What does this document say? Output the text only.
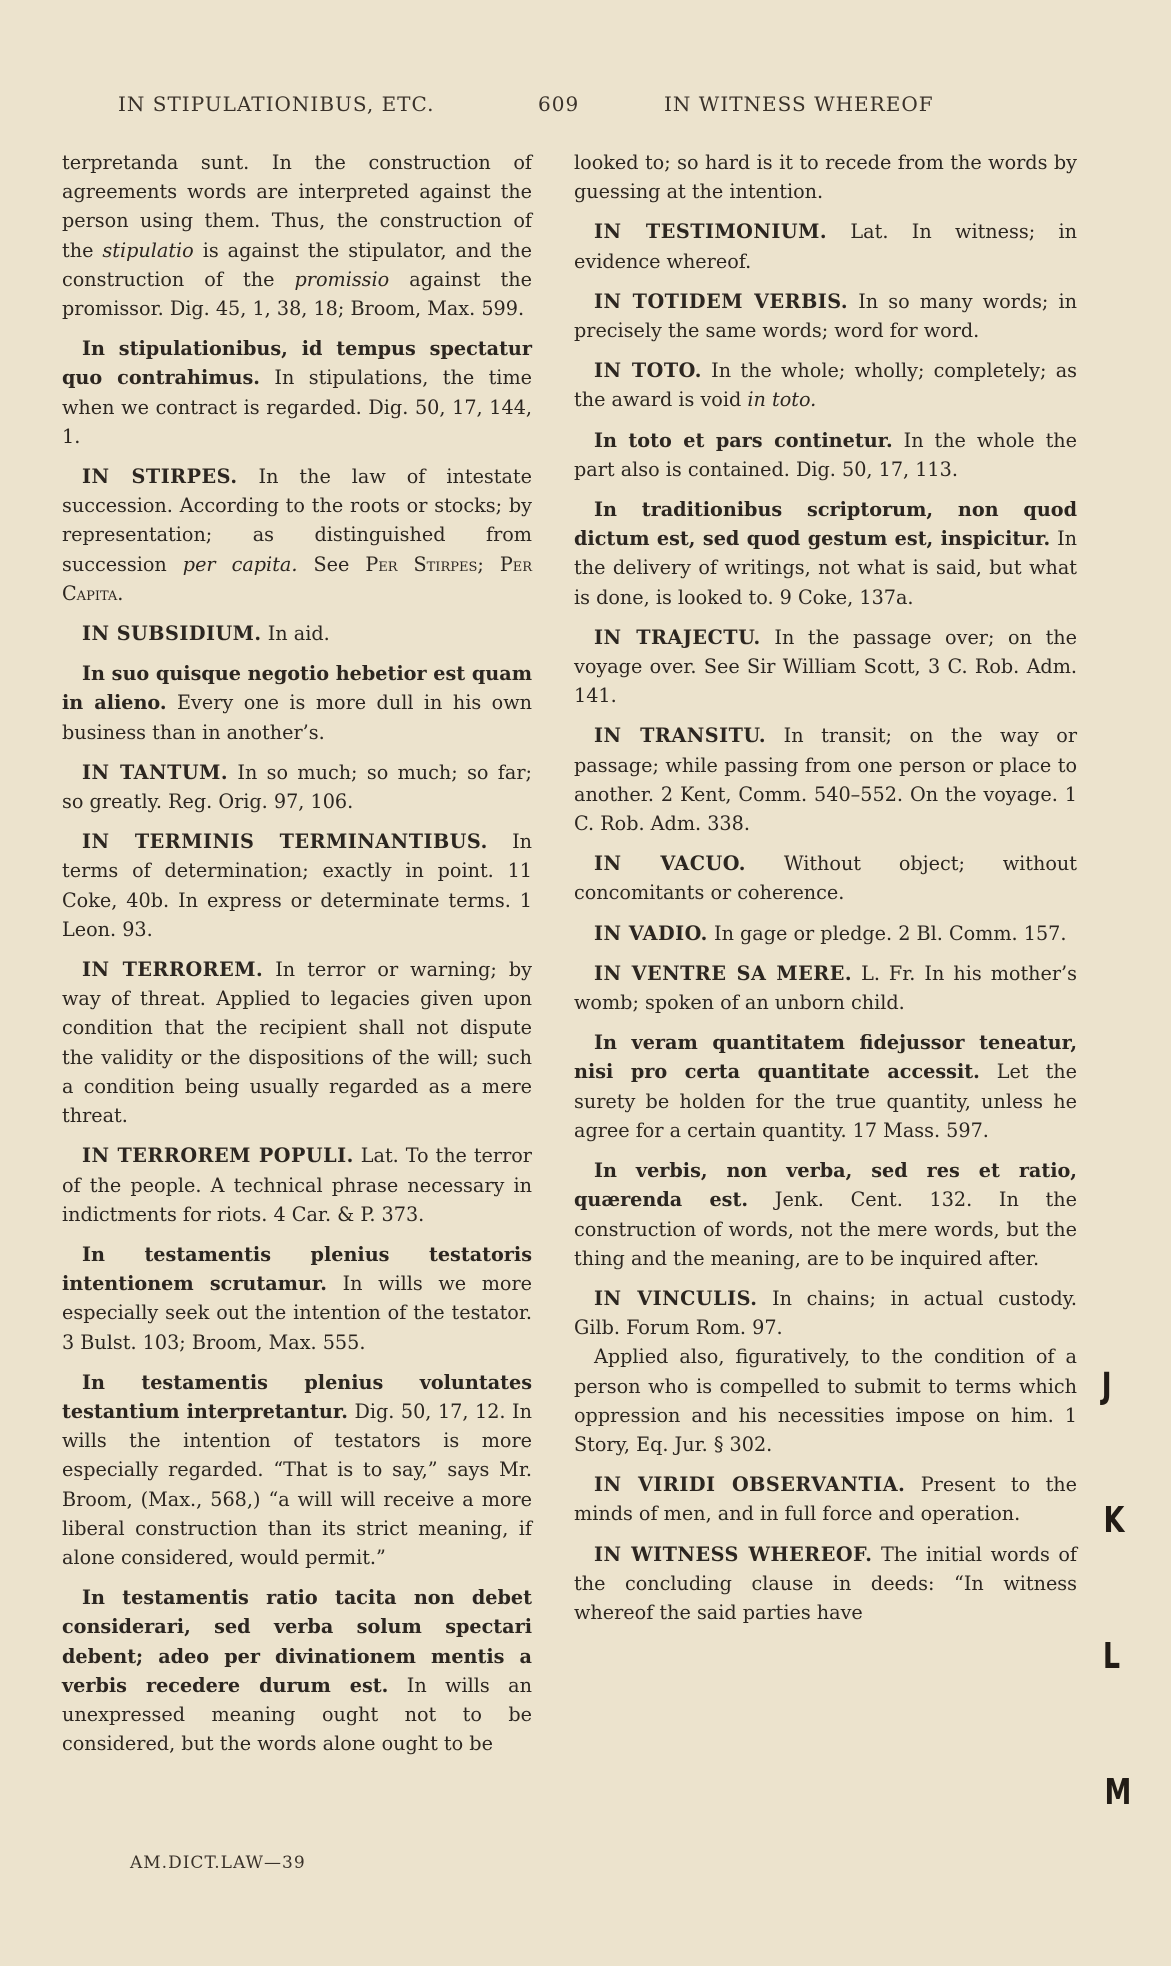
IN STIPULATIONIBUS, ETC.	609	IN WITNESS WHEREOF

terpretanda sunt. In the construction of agreements words are interpreted against the person using them. Thus, the construction of the stipulatio is against the stipulator, and the construction of the promissio against the promissor. Dig. 45, 1, 38, 18; Broom, Max. 599.

In stipulationibus, id tempus spectatur quo contrahimus. In stipulations, the time when we contract is regarded. Dig. 50, 17, 144, 1.

IN STIRPES. In the law of intestate succession. According to the roots or stocks; by representation; as distinguished from succession per capita. See Per Stirpes; Per Capita.

IN SUBSIDIUM. In aid.

In suo quisque negotio hebetior est quam in alieno. Every one is more dull in his own business than in another’s.

IN TANTUM. In so much; so much; so far; so greatly. Reg. Orig. 97, 106.

IN TERMINIS TERMINANTIBUS. In terms of determination; exactly in point. 11 Coke, 40b. In express or determinate terms. 1 Leon. 93.

IN TERROREM. In terror or warning; by way of threat. Applied to legacies given upon condition that the recipient shall not dispute the validity or the dispositions of the will; such a condition being usually regarded as a mere threat.

IN TERROREM POPULI. Lat. To the terror of the people. A technical phrase necessary in indictments for riots. 4 Car. & P. 373.

In testamentis plenius testatoris intentionem scrutamur. In wills we more especially seek out the intention of the testator. 3 Bulst. 103; Broom, Max. 555.

In testamentis plenius voluntates testantium interpretantur. Dig. 50, 17, 12. In wills the intention of testators is more especially regarded. “That is to say,” says Mr. Broom, (Max., 568,) “a will will receive a more liberal construction than its strict meaning, if alone considered, would permit.”

In testamentis ratio tacita non debet considerari, sed verba solum spectari debent; adeo per divinationem mentis a verbis recedere durum est. In wills an unexpressed meaning ought not to be considered, but the words alone ought to be

looked to; so hard is it to recede from the words by guessing at the intention.

IN TESTIMONIUM. Lat. In witness; in evidence whereof.

IN TOTIDEM VERBIS. In so many words; in precisely the same words; word for word.

IN TOTO. In the whole; wholly; completely; as the award is void in toto.

In toto et pars continetur. In the whole the part also is contained. Dig. 50, 17, 113.

In traditionibus scriptorum, non quod dictum est, sed quod gestum est, inspicitur. In the delivery of writings, not what is said, but what is done, is looked to. 9 Coke, 137a.

IN TRAJECTU. In the passage over; on the voyage over. See Sir William Scott, 3 C. Rob. Adm. 141.

IN TRANSITU. In transit; on the way or passage; while passing from one person or place to another. 2 Kent, Comm. 540–552. On the voyage. 1 C. Rob. Adm. 338.

IN VACUO. Without object; without concomitants or coherence.

IN VADIO. In gage or pledge. 2 Bl. Comm. 157.

IN VENTRE SA MERE. L. Fr. In his mother’s womb; spoken of an unborn child.

In veram quantitatem fidejussor teneatur, nisi pro certa quantitate accessit. Let the surety be holden for the true quantity, unless he agree for a certain quantity. 17 Mass. 597.

In verbis, non verba, sed res et ratio, quærenda est. Jenk. Cent. 132. In the construction of words, not the mere words, but the thing and the meaning, are to be inquired after.

IN VINCULIS. In chains; in actual custody. Gilb. Forum Rom. 97.

Applied also, figuratively, to the condition of a person who is compelled to submit to terms which oppression and his necessities impose on him. 1 Story, Eq. Jur. § 302.

IN VIRIDI OBSERVANTIA. Present to the minds of men, and in full force and operation.

IN WITNESS WHEREOF. The initial words of the concluding clause in deeds: “In witness whereof the said parties have

AM.DICT.LAW—39
J
K
L
M
